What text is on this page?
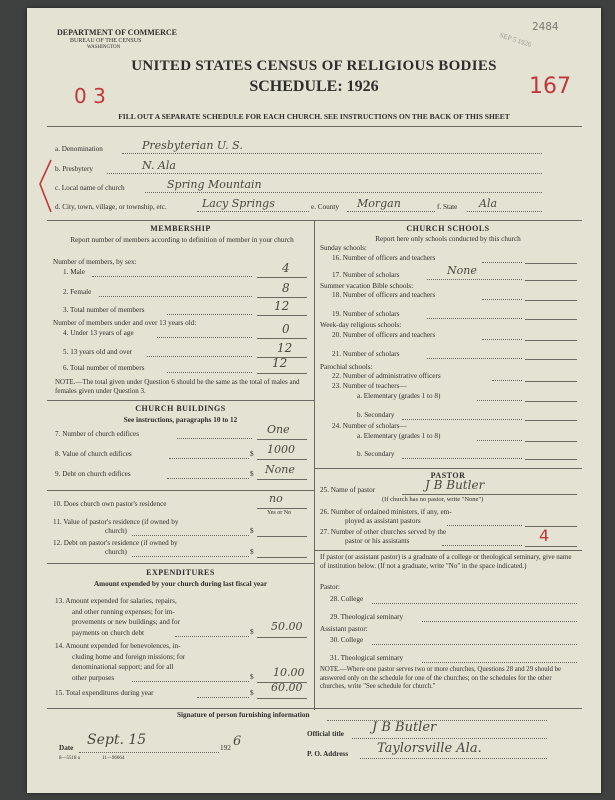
DEPARTMENT OF COMMERCE
BUREAU OF THE CENSUS
WASHINGTON
2484
SEP 5 1926
UNITED STATES CENSUS OF RELIGIOUS BODIES
SCHEDULE: 1926
0 3	167
FILL OUT A SEPARATE SCHEDULE FOR EACH CHURCH. SEE INSTRUCTIONS ON THE BACK OF THIS SHEET
a. Denomination	Presbyterian U. S.
b. Presbytery	N. Ala
c. Local name of church	Spring Mountain
d. City, town, village, or township, etc.	Lacy Springs	e. County Morgan	f. State Ala
MEMBERSHIP
Report number of members according to definition of member in your church
Number of members, by sex:
1. Male	4
2. Female	8
3. Total number of members	12
Number of members under and over 13 years old:
4. Under 13 years of age	0
5. 13 years old and over	12
6. Total number of members	12
NOTE.—The total given under Question 6 should be the same as the total of males and females given under Question 3.
CHURCH BUILDINGS
See instructions, paragraphs 10 to 12
7. Number of church edifices	One
8. Value of church edifices	$ 1000
9. Debt on church edifices	$ None
10. Does church own pastor's residence	no
Yes or No
11. Value of pastor's residence (if owned by
church)	$
12. Debt on pastor's residence (if owned by
church)	$
EXPENDITURES
Amount expended by your church during last fiscal year
13. Amount expended for salaries, repairs,
and other running expenses; for im-
provements or new buildings; and for
payments on church debt	$ 50.00
14. Amount expended for benevolences, in-
cluding home and foreign missions; for
denominational support; and for all
other purposes	$ 10.00
15. Total expenditures during year	$ 60.00
CHURCH SCHOOLS
Report here only schools conducted by this church
Sunday schools:
16. Number of officers and teachers
17. Number of scholars	None
Summer vacation Bible schools:
18. Number of officers and teachers
19. Number of scholars
Week-day religious schools:
20. Number of officers and teachers
21. Number of scholars
Parochial schools:
22. Number of administrative officers
23. Number of teachers—
a. Elementary (grades 1 to 8)
b. Secondary
24. Number of scholars—
a. Elementary (grades 1 to 8)
b. Secondary
PASTOR
25. Name of pastor	J B Butler
(If church has no pastor, write "None")
26. Number of ordained ministers, if any, em-
ployed as assistant pastors
27. Number of other churches served by the
pastor or his assistants	4
If pastor (or assistant pastor) is a graduate of a college or theological seminary, give name of institution below. (If not a graduate, write "No" in the space indicated.)
Pastor:
28. College
29. Theological seminary
Assistant pastor:
30. College
31. Theological seminary
NOTE.—Where one pastor serves two or more churches, Questions 28 and 29 should be answered only on the schedule for one of the churches; on the schedules for the other churches, write "See schedule for church."
Signature of person furnishing information
Official title J B Butler
Date Sept. 15	192 6
P. O. Address Taylorsville Ala.
8—5518 a	11—96664
